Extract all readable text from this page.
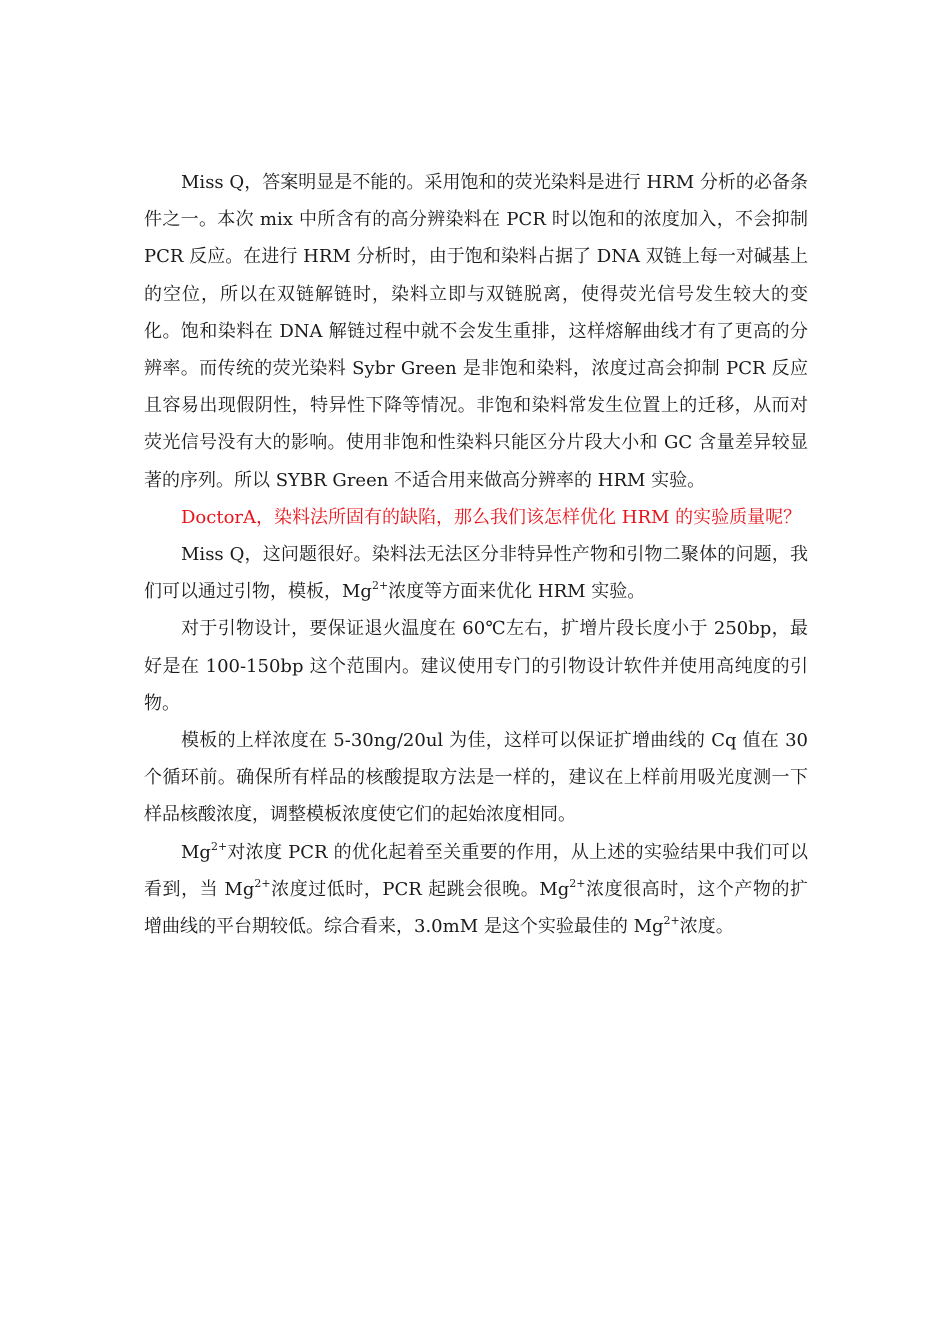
Miss Q，答案明显是不能的。采用饱和的荧光染料是进行 HRM 分析的必备条件之一。本次 mix 中所含有的高分辨染料在 PCR 时以饱和的浓度加入，不会抑制 PCR 反应。在进行 HRM 分析时，由于饱和染料占据了 DNA 双链上每一对碱基上的空位，所以在双链解链时，染料立即与双链脱离，使得荧光信号发生较大的变化。饱和染料在 DNA 解链过程中就不会发生重排，这样熔解曲线才有了更高的分辨率。而传统的荧光染料 Sybr Green 是非饱和染料，浓度过高会抑制 PCR 反应且容易出现假阴性，特异性下降等情况。非饱和染料常发生位置上的迁移，从而对荧光信号没有大的影响。使用非饱和性染料只能区分片段大小和 GC 含量差异较显著的序列。所以 SYBR Green 不适合用来做高分辨率的 HRM 实验。

DoctorA，染料法所固有的缺陷，那么我们该怎样优化 HRM 的实验质量呢？

Miss Q，这问题很好。染料法无法区分非特异性产物和引物二聚体的问题，我们可以通过引物，模板，$Mg^{2+}$浓度等方面来优化 HRM 实验。

对于引物设计，要保证退火温度在 60℃左右，扩增片段长度小于 250bp，最好是在 100-150bp 这个范围内。建议使用专门的引物设计软件并使用高纯度的引物。

模板的上样浓度在 5-30ng/20ul 为佳，这样可以保证扩增曲线的 Cq 值在 30 个循环前。确保所有样品的核酸提取方法是一样的，建议在上样前用吸光度测一下样品核酸浓度，调整模板浓度使它们的起始浓度相同。

$Mg^{2+}$对浓度 PCR 的优化起着至关重要的作用，从上述的实验结果中我们可以看到，当 $Mg^{2+}$浓度过低时，PCR 起跳会很晚。$Mg^{2+}$浓度很高时，这个产物的扩增曲线的平台期较低。综合看来，3.0mM 是这个实验最佳的 $Mg^{2+}$浓度。
